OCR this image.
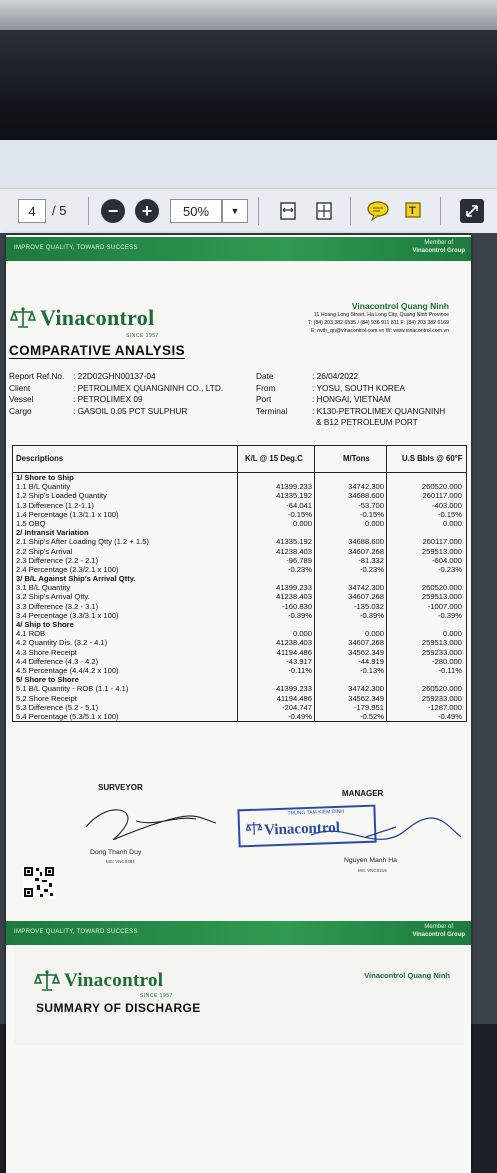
4 / 5	− + 50% ▼	T
IMPROVE QUALITY, TOWARD SUCCESS
Member of
Vinacontrol Group
Vinacontrol
SINCE 1957
COMPARATIVE ANALYSIS
Vinacontrol Quang Ninh
11 Hoang Long Street, Ha Long City, Quang Ninh Province
T: (84) 203 382 6535 / (84) 936 911 811 F: (84) 203 382 6169
E: nvth_qn@vinacontrol.com.vn W: www.vinacontrol.com.vn
Report Ref.No. : 22D02GHN00137-04
Client	: PETROLIMEX QUANGNINH CO., LTD.
Vessel	: PETROLIMEX 09
Cargo	: GASOIL 0.05 PCT SULPHUR
Date	: 26/04/2022
From	: YOSU, SOUTH KOREA
Port	: HONGAI, VIETNAM
Terminal	: K130-PETROLIMEX QUANGNINH
& B12 PETROLEUM PORT
Descriptions	K/L @ 15 Deg.C	M/Tons	U.S Bbls @ 60°F
1/ Shore to Ship
1.1 B/L Quantity	41399.233	34742.300	260520.000
1.2 Ship's Loaded Quantity	41335.192	34688.600	260117.000
1.3 Difference (1.2-1.1)	-64.041	-53.700	-403.000
1.4 Percentage (1.3/1.1 x 100)	-0.15%	-0.15%	-0.15%
1.5 OBQ	0.000	0.000	0.000
2/ Intransit Variation
2.1 Ship's After Loading Qtty (1.2 + 1.5)	41335.192	34688.600	260117.000
2.2 Ship's Arrival	41238.403	34607.268	259513.000
2.3 Difference (2.2 - 2.1)	-96.789	-81.332	-604.000
2.4 Percentage (2.3/2.1 x 100)	-0.23%	-0.23%	-0.23%
3/ B/L Against Ship's Arrival Qtty.
3.1 B/L Quantity	41399.233	34742.300	260520.000
3.2 Ship's Arrival Qtty.	41238.403	34607.268	259513.000
3.3 Difference (3.2 - 3.1)	-160.830	-135.032	-1007.000
3.4 Percentage (3.3/3.1 x 100)	-0.39%	-0.39%	-0.39%
4/ Ship to Shore
4.1 ROB	0.000	0.000	0.000
4.2 Quantity Dis. (3.2 - 4.1)	41238.403	34607.268	259513.000
4.3 Shore Receipt	41194.486	34562.349	259233.000
4.4 Difference (4.3 - 4.2)	-43.917	-44.919	-280.000
4.5 Percentage (4.4/4.2 x 100)	-0.11%	-0.13%	-0.11%
5/ Shore to Shore
5.1 B/L Quantity - ROB (1.1 - 4.1)	41399.233	34742.300	260520.000
5.2 Shore Receipt	41194.486	34562.349	259233.000
5.3 Difference (5.2 - 5.1)	-204.747	-179.951	-1287.000
5.4 Percentage (5.3/5.1 x 100)	-0.49%	-0.52%	-0.49%
SURVEYOR
MANAGER
Dong Thanh Duy
MS: VNC0384
TRUNG TAM KIEM DINH
Vinacontrol
Nguyen Manh Ha
MS: VNC0219
IMPROVE QUALITY, TOWARD SUCCESS
Member of
Vinacontrol Group
Vinacontrol
SINCE 1957
SUMMARY OF DISCHARGE
Vinacontrol Quang Ninh
